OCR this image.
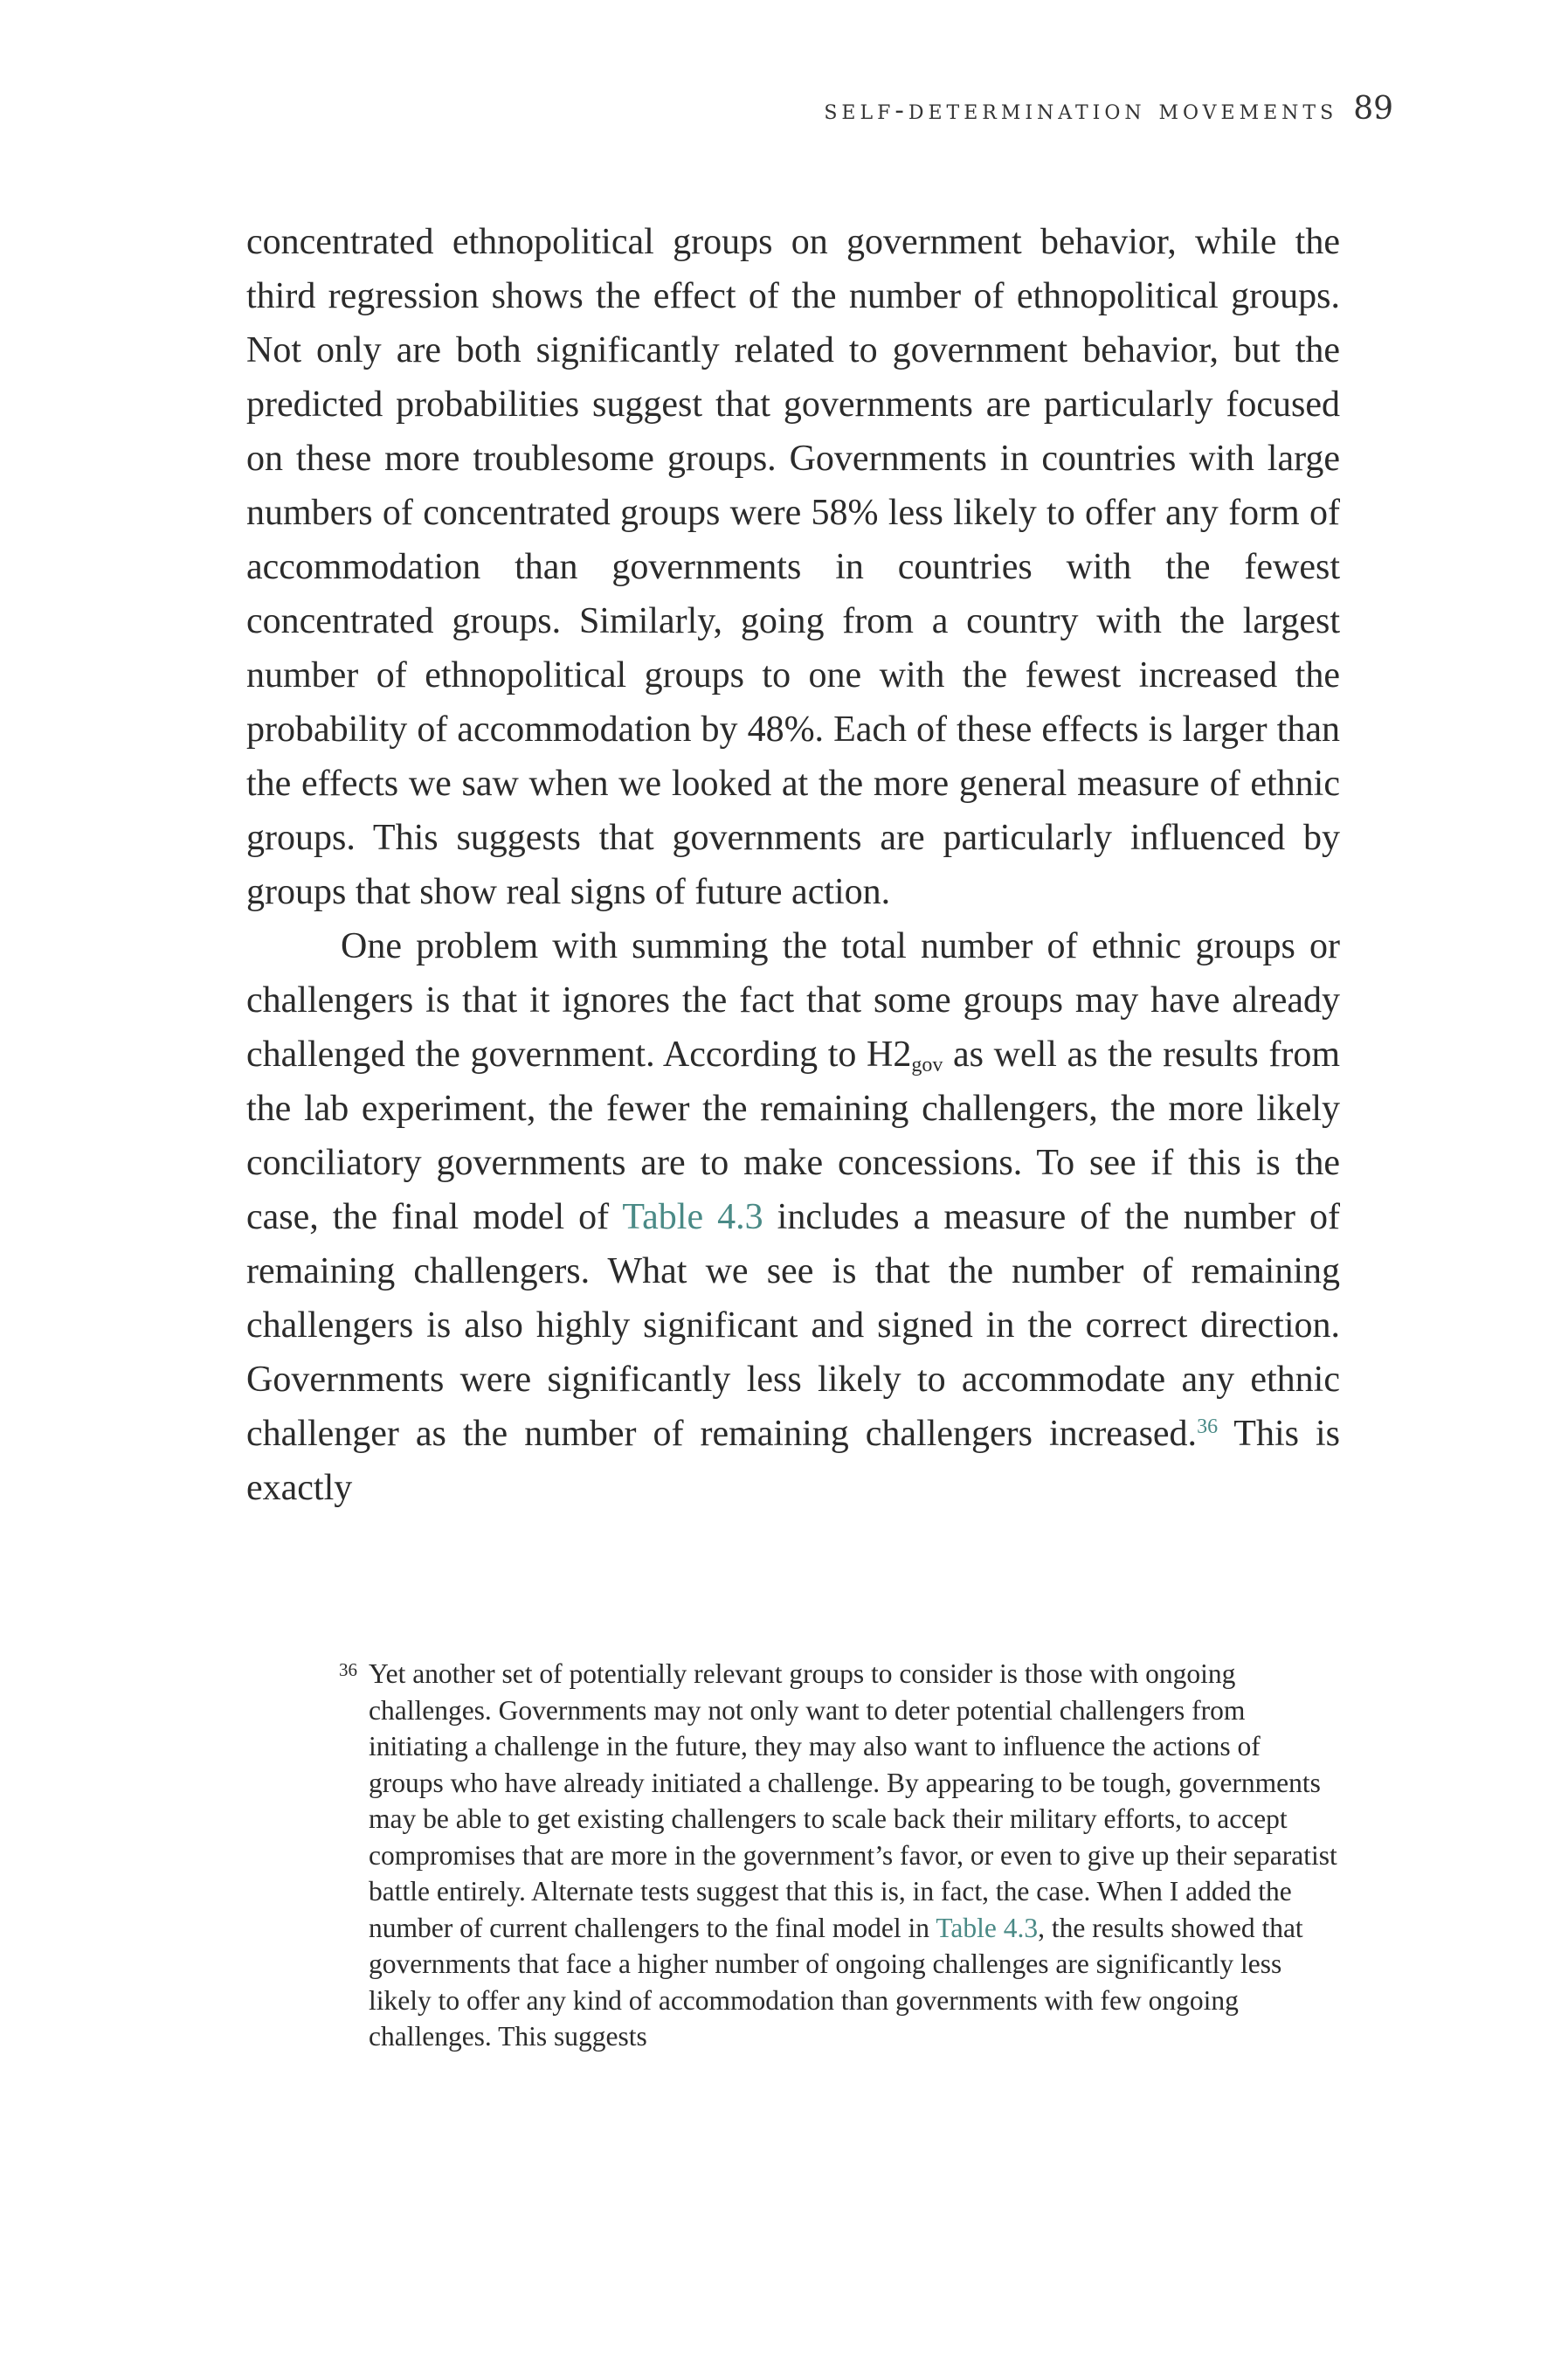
self-determination movements 89

concentrated ethnopolitical groups on government behavior, while the third regression shows the effect of the number of ethnopolitical groups. Not only are both significantly related to government behavior, but the predicted probabilities suggest that governments are particularly focused on these more troublesome groups. Governments in countries with large numbers of concentrated groups were 58% less likely to offer any form of accommodation than governments in countries with the fewest concentrated groups. Similarly, going from a country with the largest number of ethnopolitical groups to one with the fewest increased the probability of accommodation by 48%. Each of these effects is larger than the effects we saw when we looked at the more general measure of ethnic groups. This suggests that governments are particularly influenced by groups that show real signs of future action.

One problem with summing the total number of ethnic groups or challengers is that it ignores the fact that some groups may have already challenged the government. According to $H2_{gov}$ as well as the results from the lab experiment, the fewer the remaining challengers, the more likely conciliatory governments are to make concessions. To see if this is the case, the final model of Table 4.3 includes a measure of the number of remaining challengers. What we see is that the number of remaining challengers is also highly significant and signed in the correct direction. Governments were significantly less likely to accommodate any ethnic challenger as the number of remaining challengers increased.$^{36}$ This is exactly

36 Yet another set of potentially relevant groups to consider is those with ongoing challenges. Governments may not only want to deter potential challengers from initiating a challenge in the future, they may also want to influence the actions of groups who have already initiated a challenge. By appearing to be tough, governments may be able to get existing challengers to scale back their military efforts, to accept compromises that are more in the government’s favor, or even to give up their separatist battle entirely. Alternate tests suggest that this is, in fact, the case. When I added the number of current challengers to the final model in Table 4.3, the results showed that governments that face a higher number of ongoing challenges are significantly less likely to offer any kind of accommodation than governments with few ongoing challenges. This suggests
